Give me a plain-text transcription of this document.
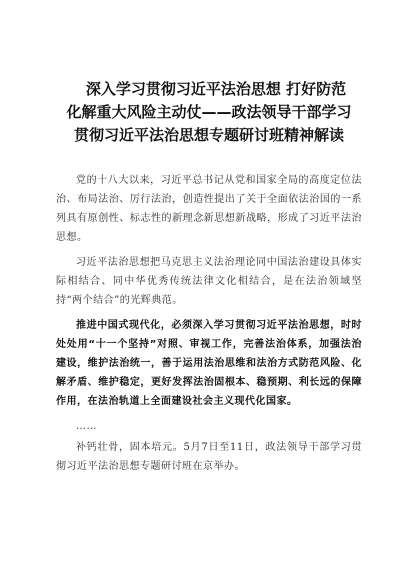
深入学习贯彻习近平法治思想 打好防范
化解重大风险主动仗——政法领导干部学习
贯彻习近平法治思想专题研讨班精神解读

党的十八大以来，习近平总书记从党和国家全局的高度定位法治、布局法治、厉行法治，创造性提出了关于全面依法治国的一系列具有原创性、标志性的新理念新思想新战略，形成了习近平法治思想。

习近平法治思想把马克思主义法治理论同中国法治建设具体实际相结合、同中华优秀传统法律文化相结合，是在法治领域坚持“两个结合”的光辉典范。

推进中国式现代化，必须深入学习贯彻习近平法治思想，时时处处用“十一个坚持”对照、审视工作，完善法治体系，加强法治建设，维护法治统一，善于运用法治思维和法治方式防范风险、化解矛盾、维护稳定，更好发挥法治固根本、稳预期、利长远的保障作用，在法治轨道上全面建设社会主义现代化国家。

……

补钙壮骨，固本培元。5月7日至11日，政法领导干部学习贯彻习近平法治思想专题研讨班在京举办。
